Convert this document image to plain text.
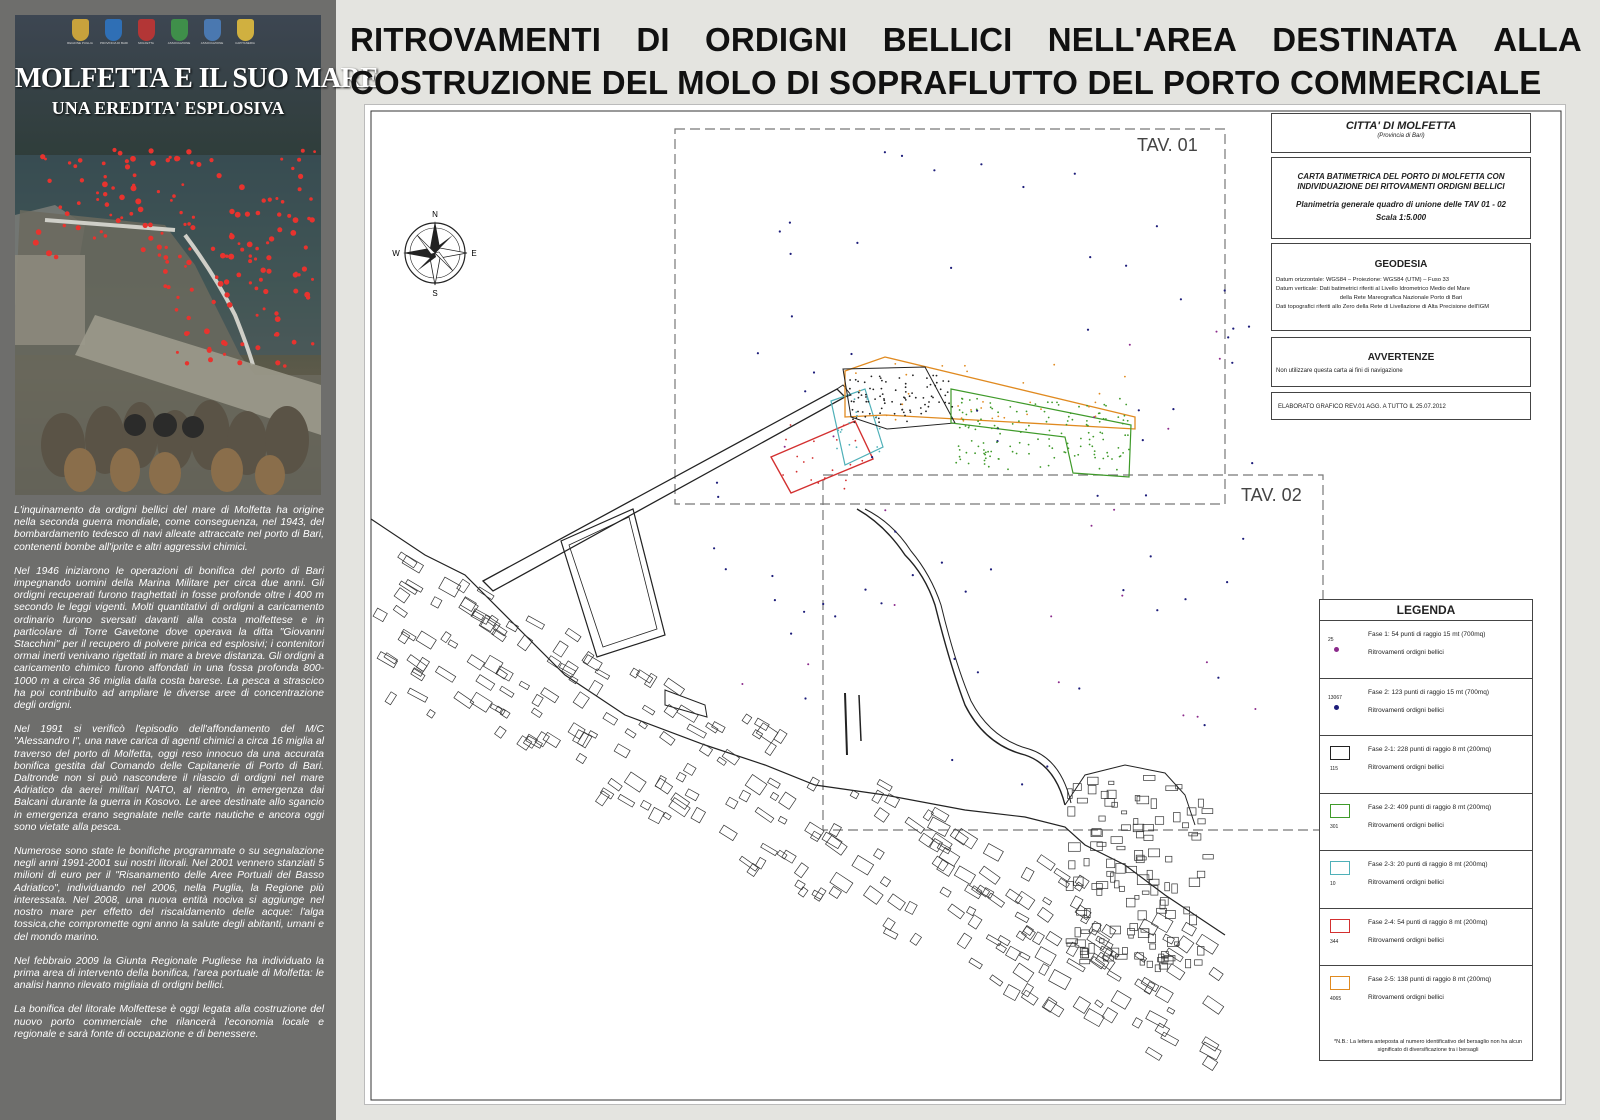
REGIONE PUGLIA PROVINCIA DI BARI	MOLFETTA	ASSOCIAZIONE	ASSOCIAZIONE	CAPITANERIA
MOLFETTA E IL SUO MARE
UNA EREDITA' ESPLOSIVA

L'inquinamento da ordigni bellici del mare di Molfetta ha origine nella seconda guerra mondiale, come conseguenza, nel 1943, del bombardamento tedesco di navi alleate attraccate nel porto di Bari, contenenti bombe all'iprite e altri aggressivi chimici.

Nel 1946 iniziarono le operazioni di bonifica del porto di Bari impegnando uomini della Marina Militare per circa due anni. Gli ordigni recuperati furono traghettati in fosse profonde oltre i 400 m secondo le leggi vigenti. Molti quantitativi di ordigni a caricamento ordinario furono sversati davanti alla costa molfettese e in particolare di Torre Gavetone dove operava la ditta "Giovanni Stacchini" per il recupero di polvere pirica ed esplosivi; i contenitori ormai inerti venivano rigettati in mare a breve distanza. Gli ordigni a caricamento chimico furono affondati in una fossa profonda 800-1000 m a circa 36 miglia dalla costa barese. La pesca a strascico ha poi contribuito ad ampliare le diverse aree di concentrazione degli ordigni.

Nel 1991 si verificò l'episodio dell'affondamento del M/C "Alessandro I", una nave carica di agenti chimici a circa 16 miglia al traverso del porto di Molfetta, oggi reso innocuo da una accurata bonifica gestita dal Comando delle Capitanerie di Porto di Bari. Daltronde non si può nascondere il rilascio di ordigni nel mare Adriatico da aerei militari NATO, al rientro, in emergenza dai Balcani durante la guerra in Kosovo. Le aree destinate allo sgancio in emergenza erano segnalate nelle carte nautiche e ancora oggi sono vietate alla pesca.

Numerose sono state le bonifiche programmate o su segnalazione negli anni 1991-2001 sui nostri litorali. Nel 2001 vennero stanziati 5 milioni di euro per il "Risanamento delle Aree Portuali del Basso Adriatico", individuando nel 2006, nella Puglia, la Regione più interessata. Nel 2008, una nuova entità nociva si aggiunge nel nostro mare per effetto del riscaldamento delle acque: l'alga tossica,che compromette ogni anno la salute degli abitanti, umani e del mondo marino.

Nel febbraio 2009 la Giunta Regionale Pugliese ha individuato la prima area di intervento della bonifica, l'area portuale di Molfetta: le analisi hanno rilevato migliaia di ordigni bellici.

La bonifica del litorale Molfettese è oggi legata alla costruzione del nuovo porto commerciale che rilancerà l'economia locale e regionale e sarà fonte di occupazione e di benessere.

RITROVAMENTI DI ORDIGNI BELLICI NELL'AREA DESTINATA ALLA
COSTRUZIONE DEL MOLO DI SOPRAFLUTTO DEL PORTO COMMERCIALE
N
S
E
W
TAV. 01
TAV. 02
CITTA' DI MOLFETTA
(Provincia di Bari)
CARTA BATIMETRICA DEL PORTO DI MOLFETTA CON
INDIVIDUAZIONE DEI RITOVAMENTI ORDIGNI BELLICI
Planimetria generale quadro di unione delle TAV 01 - 02
Scala 1:5.000
GEODESIA
Datum orizzontale: WGS84 – Proiezione: WGS84 (UTM) – Fuso 33
Datum verticale: Dati batimetrici riferiti al Livello Idrometrico Medio del Mare
della Rete Mareografica Nazionale Porto di Bari
Dati topografici riferiti allo Zero della Rete di Livellazione di Alta Precisione dell'IGM
AVVERTENZE
Non utilizzare questa carta ai fini di navigazione
ELABORATO GRAFICO REV.01 AGG. A TUTTO IL 25.07.2012
LEGENDA
25
Fase 1: 54 punti di raggio 15 mt (700mq)
Ritrovamenti ordigni bellici
13067
Fase 2: 123 punti di raggio 15 mt (700mq)
Ritrovamenti ordigni bellici
115
Fase 2-1: 228 punti di raggio 8 mt (200mq)
Ritrovamenti ordigni bellici
301
Fase 2-2: 409 punti di raggio 8 mt (200mq)
Ritrovamenti ordigni bellici
10
Fase 2-3: 20 punti di raggio 8 mt (200mq)
Ritrovamenti ordigni bellici
344
Fase 2-4: 54 punti di raggio 8 mt (200mq)
Ritrovamenti ordigni bellici
4065
Fase 2-5: 138 punti di raggio 8 mt (200mq)
Ritrovamenti ordigni bellici
*N.B.: La lettera anteposta al numero identificativo del bersaglio non ha alcun significato di diversificazione tra i bersagli
